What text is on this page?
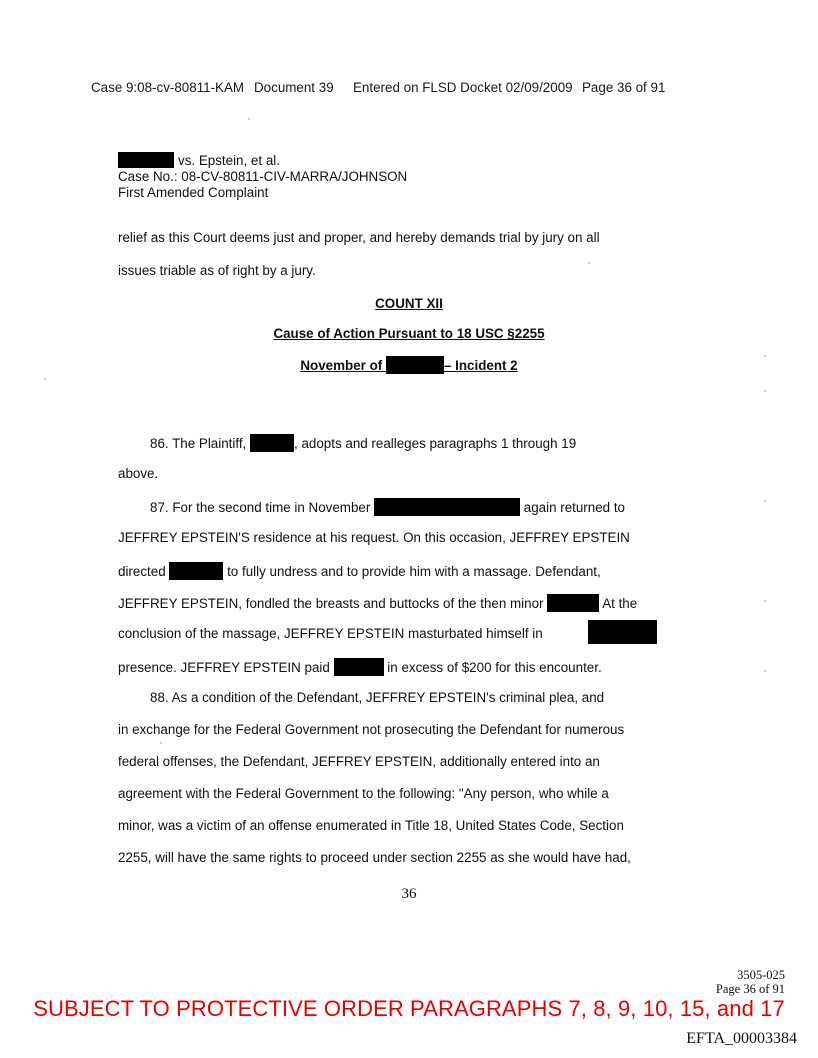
Case 9:08-cv-80811-KAM Document 39 Entered on FLSD Docket 02/09/2009 Page 36 of 91
vs. Epstein, et al.
Case No.: 08-CV-80811-CIV-MARRA/JOHNSON
First Amended Complaint
relief as this Court deems just and proper, and hereby demands trial by jury on all
issues triable as of right by a jury.
COUNT XII
Cause of Action Pursuant to 18 USC §2255
November of	– Incident 2
86. The Plaintiff,	, adopts and realleges paragraphs 1 through 19
above.
87. For the second time in November	again returned to
JEFFREY EPSTEIN'S residence at his request. On this occasion, JEFFREY EPSTEIN
directed	to fully undress and to provide him with a massage. Defendant,
JEFFREY EPSTEIN, fondled the breasts and buttocks of the then minor	At the
conclusion of the massage, JEFFREY EPSTEIN masturbated himself in
presence. JEFFREY EPSTEIN paid	in excess of $200 for this encounter.
88. As a condition of the Defendant, JEFFREY EPSTEIN's criminal plea, and
in exchange for the Federal Government not prosecuting the Defendant for numerous
federal offenses, the Defendant, JEFFREY EPSTEIN, additionally entered into an
agreement with the Federal Government to the following: "Any person, who while a
minor, was a victim of an offense enumerated in Title 18, United States Code, Section
2255, will have the same rights to proceed under section 2255 as she would have had,
36
3505-025
Page 36 of 91
SUBJECT TO PROTECTIVE ORDER PARAGRAPHS 7, 8, 9, 10, 15, and 17
EFTA_00003384
